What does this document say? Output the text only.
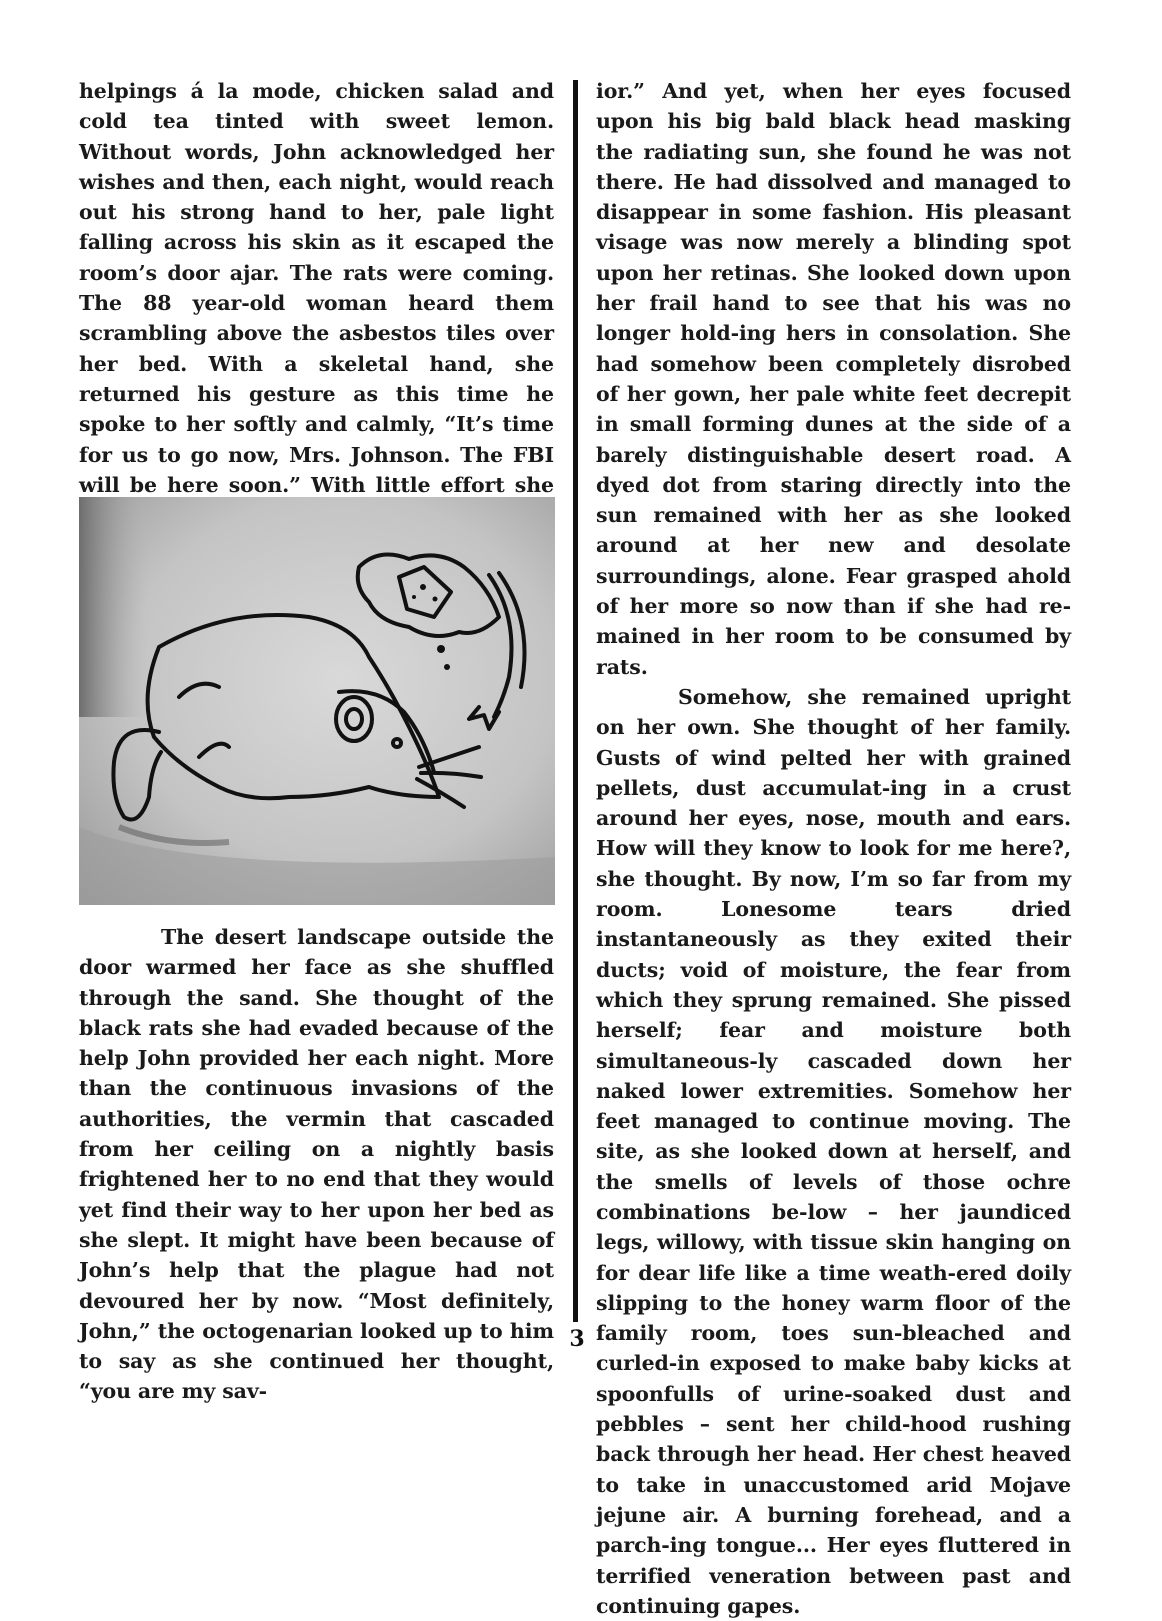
helpings á la mode, chicken salad and cold tea tinted with sweet lemon. Without words, John acknowledged her wishes and then, each night, would reach out his strong hand to her, pale light falling across his skin as it escaped the room’s door ajar. The rats were coming. The 88 year-old woman heard them scrambling above the asbestos tiles over her bed. With a skeletal hand, she returned his gesture as this time he spoke to her softly and calmly, “It’s time for us to go now, Mrs. Johnson. The FBI will be here soon.” With little effort she

The desert landscape outside the door warmed her face as she shuffled through the sand. She thought of the black rats she had evaded because of the help John provided her each night. More than the continuous invasions of the authorities, the vermin that cascaded from her ceiling on a nightly basis frightened her to no end that they would yet find their way to her upon her bed as she slept. It might have been because of John’s help that the plague had not devoured her by now. “Most definitely, John,” the octogenarian looked up to him to say as she continued her thought, “you are my sav-

ior.” And yet, when her eyes focused upon his big bald black head masking the radiating sun, she found he was not there. He had dissolved and managed to disappear in some fashion. His pleasant visage was now merely a blinding spot upon her retinas. She looked down upon her frail hand to see that his was no longer hold-ing hers in consolation. She had somehow been completely disrobed of her gown, her pale white feet decrepit in small forming dunes at the side of a barely distinguishable desert road. A dyed dot from staring directly into the sun remained with her as she looked around at her new and desolate surroundings, alone. Fear grasped ahold of her more so now than if she had re-mained in her room to be consumed by rats.

Somehow, she remained upright on her own. She thought of her family. Gusts of wind pelted her with grained pellets, dust accumulat-ing in a crust around her eyes, nose, mouth and ears. How will they know to look for me here?, she thought. By now, I’m so far from my room. Lonesome tears dried instantaneously as they exited their ducts; void of moisture, the fear from which they sprung remained. She pissed herself; fear and moisture both simultaneous-ly cascaded down her naked lower extremities. Somehow her feet managed to continue moving. The site, as she looked down at herself, and the smells of levels of those ochre combinations be-low – her jaundiced legs, willowy, with tissue skin hanging on for dear life like a time weath-ered doily slipping to the honey warm floor of the family room, toes sun-bleached and curled-in exposed to make baby kicks at spoonfulls of urine-soaked dust and pebbles – sent her child-hood rushing back through her head. Her chest heaved to take in unaccustomed arid Mojave jejune air. A burning forehead, and a parch-ing tongue... Her eyes fluttered in terrified veneration between past and continuing gapes.

3
